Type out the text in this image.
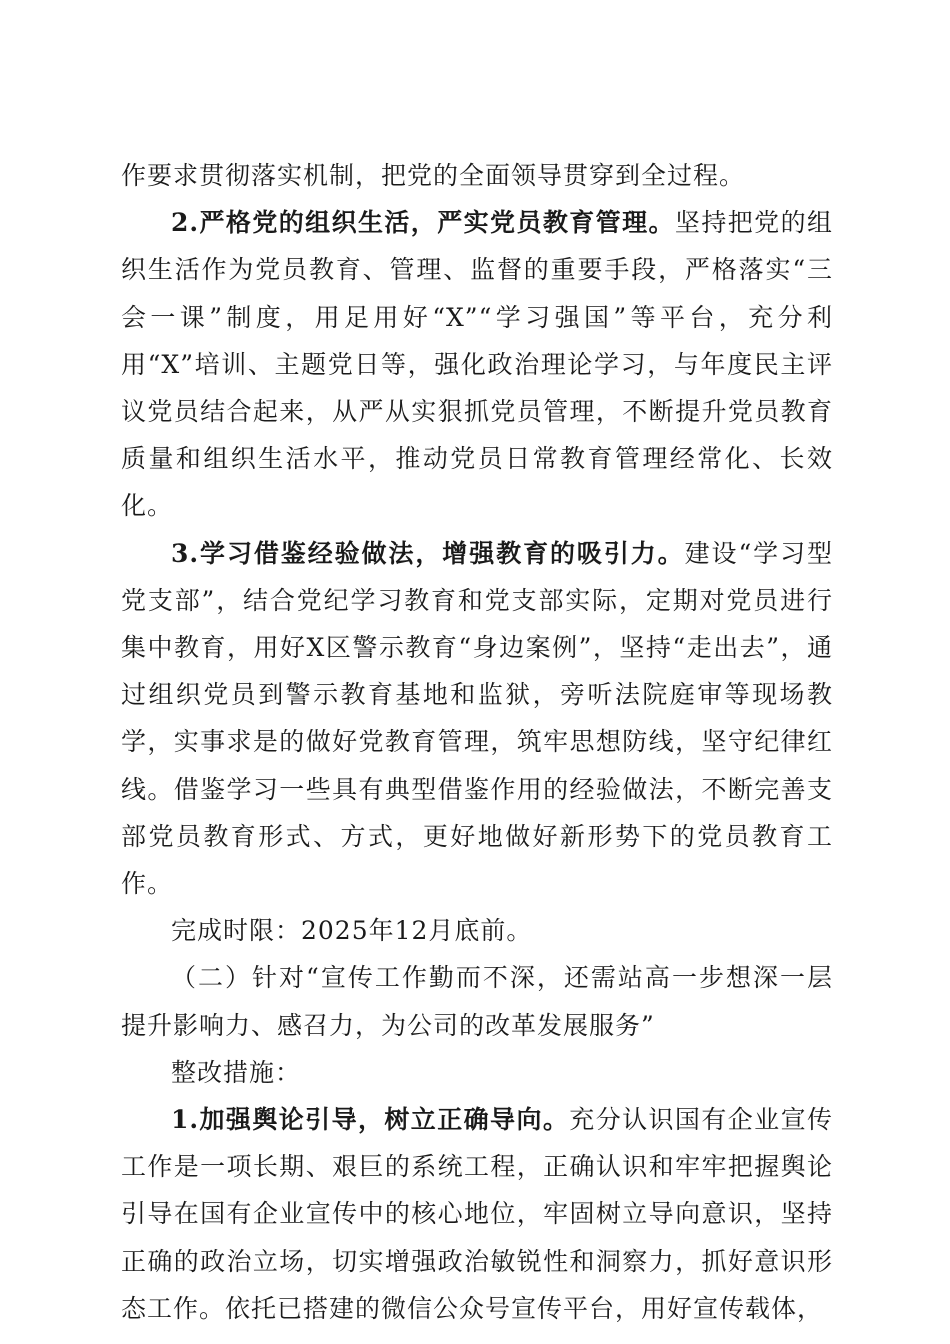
作要求贯彻落实机制，把党的全面领导贯穿到全过程。

2.严格党的组织生活，严实党员教育管理。坚持把党的组织生活作为党员教育、管理、监督的重要手段，严格落实“三会一课”制度，用足用好“X”“学习强国”等平台，充分利用“X”培训、主题党日等，强化政治理论学习，与年度民主评议党员结合起来，从严从实狠抓党员管理，不断提升党员教育质量和组织生活水平，推动党员日常教育管理经常化、长效化。

3.学习借鉴经验做法，增强教育的吸引力。建设“学习型党支部”，结合党纪学习教育和党支部实际，定期对党员进行集中教育，用好X区警示教育“身边案例”，坚持“走出去”，通过组织党员到警示教育基地和监狱，旁听法院庭审等现场教学，实事求是的做好党教育管理，筑牢思想防线，坚守纪律红线。借鉴学习一些具有典型借鉴作用的经验做法，不断完善支部党员教育形式、方式，更好地做好新形势下的党员教育工作。

完成时限：2025年12月底前。

（二）针对“宣传工作勤而不深，还需站高一步想深一层提升影响力、感召力，为公司的改革发展服务”

整改措施：

1.加强舆论引导，树立正确导向。充分认识国有企业宣传工作是一项长期、艰巨的系统工程，正确认识和牢牢把握舆论引导在国有企业宣传中的核心地位，牢固树立导向意识，坚持正确的政治立场，切实增强政治敏锐性和洞察力，抓好意识形态工作。依托已搭建的微信公众号宣传平台，用好宣传载体，
